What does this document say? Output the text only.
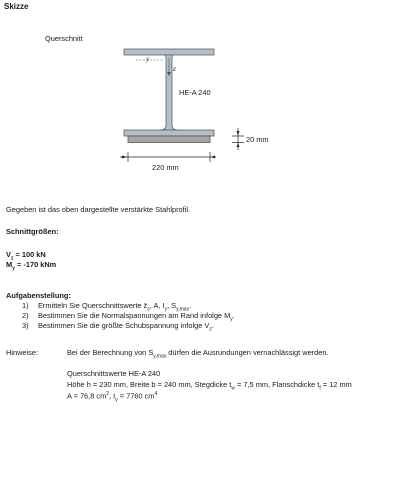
Skizze
Querschnitt
y
z
HE-A 240
20 mm
220 mm
Gegeben ist das oben dargestellte verstärkte Stahlprofil.
Schnittgrößen:
$V_z = 100$ kN
$M_y = -170$ kNm
Aufgabenstellung:
1) Ermitteln Sie Querschnittswerte $z̄_s$, A, $I_y$, $S_{y,max}$.
2) Bestimmen Sie die Normalspannungen am Rand infolge $M_y$.
3) Bestimmen Sie die größte Schubspannung infolge $V_z$.
Hinweise:	Bei der Berechnung von $S_{y,max}$ dürfen die Ausrundungen vernachlässigt werden.
Querschnittswerte HE-A 240
Höhe h = 230 mm, Breite b = 240 mm, Stegdicke $t_w = 7,5$ mm, Flanschdicke $t_f = 12$ mm
A = 76,8 $cm^2$, $I_y = 7760$ $cm^4$
